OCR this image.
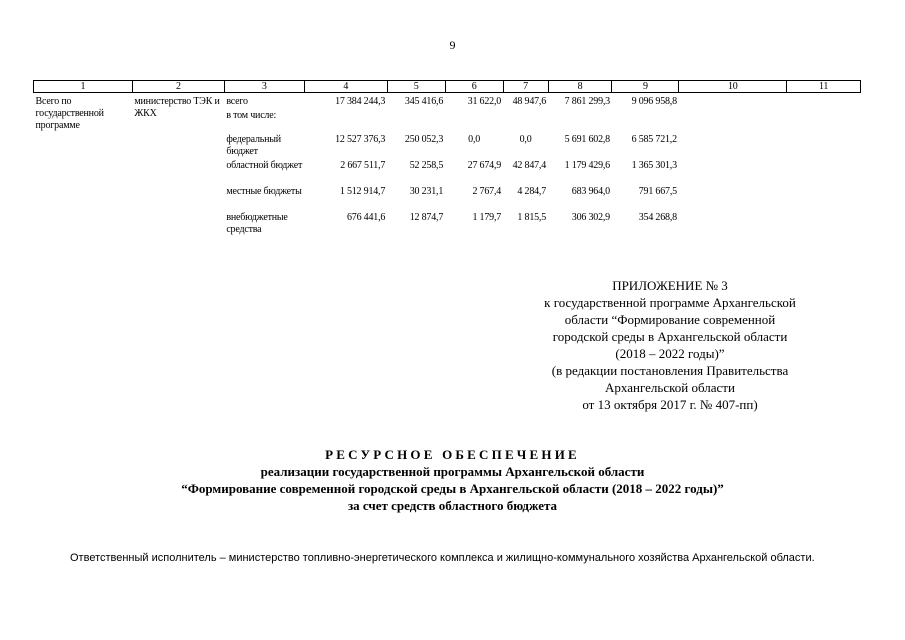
9
1	2	3	4	5	6	7	8	9	10	11
Всего по государственной программе	министерство ТЭК и ЖКХ	всего	17 384 244,3	345 416,6	31 622,0	48 947,6	7 861 299,3	9 096 958,8		
		в том числе:								
		федеральный бюджет	12 527 376,3	250 052,3	0,0	0,0	5 691 602,8	6 585 721,2		
		областной бюджет	2 667 511,7	52 258,5	27 674,9	42 847,4	1 179 429,6	1 365 301,3		
		местные бюджеты	1 512 914,7	30 231,1	2 767,4	4 284,7	683 964,0	791 667,5		
		внебюджетные средства	676 441,6	12 874,7	1 179,7	1 815,5	306 302,9	354 268,8		
ПРИЛОЖЕНИЕ № 3
к государственной программе Архангельской
области “Формирование современной
городской среды в Архангельской области
(2018 – 2022 годы)”
(в редакции постановления Правительства
Архангельской области
от 13 октября 2017 г. № 407-пп)
РЕСУРСНОЕ ОБЕСПЕЧЕНИЕ
реализации государственной программы Архангельской области
“Формирование современной городской среды в Архангельской области (2018 – 2022 годы)”
за счет средств областного бюджета
Ответственный исполнитель – министерство топливно-энергетического комплекса и жилищно-коммунального хозяйства Архангельской области.
